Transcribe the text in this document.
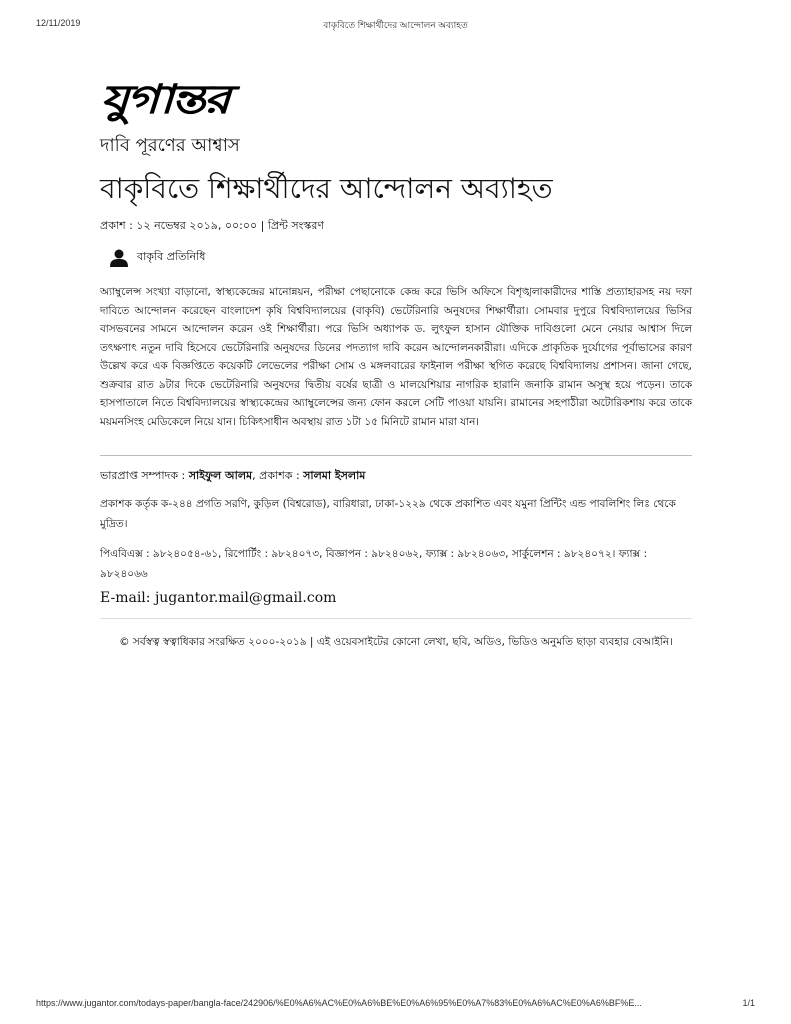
12/11/2019	বাকৃবিতে শিক্ষার্থীদের আন্দোলন অব্যাহত
যুগান্তর
দাবি পূরণের আশ্বাস
বাকৃবিতে শিক্ষার্থীদের আন্দোলন অব্যাহত
প্রকাশ : ১২ নভেম্বর ২০১৯, ০০:০০ | প্রিন্ট সংস্করণ
বাকৃবি প্রতিনিধি
অ্যাম্বুলেন্স সংখ্যা বাড়ানো, স্বাস্থ্যকেন্দ্রের মানোন্নয়ন, পরীক্ষা পেছানোকে কেন্দ্র করে ভিসি অফিসে বিশৃঙ্খলাকারীদের শাস্তি প্রত্যাহারসহ নয় দফা দাবিতে আন্দোলন করেছেন বাংলাদেশ কৃষি বিশ্ববিদ্যালয়ের (বাকৃবি) ভেটেরিনারি অনুষদের শিক্ষার্থীরা। সোমবার দুপুরে বিশ্ববিদ্যালয়ের ভিসির বাসভবনের সামনে আন্দোলন করেন ওই শিক্ষার্থীরা। পরে ভিসি অধ্যাপক ড. লুৎফুল হাসান যৌক্তিক দাবিগুলো মেনে নেয়ার আশ্বাস দিলে তৎক্ষণাৎ নতুন দাবি হিসেবে ভেটেরিনারি অনুষদের ডিনের পদত্যাগ দাবি করেন আন্দোলনকারীরা। এদিকে প্রাকৃতিক দুর্যোগের পূর্বাভাসের কারণ উল্লেখ করে এক বিজ্ঞপ্তিতে কয়েকটি লেভেলের পরীক্ষা সোম ও মঙ্গলবারের ফাইনাল পরীক্ষা স্থগিত করেছে বিশ্ববিদ্যালয় প্রশাসন। জানা গেছে, শুক্রবার রাত ৯টার দিকে ভেটেরিনারি অনুষদের দ্বিতীয় বর্ষের ছাত্রী ও মালয়েশিয়ার নাগরিক হারানি জনাকি রামান অসুস্থ হয়ে পড়েন। তাকে হাসপাতালে নিতে বিশ্ববিদ্যালয়ের স্বাস্থ্যকেন্দ্রের অ্যাম্বুলেন্সের জন্য ফোন করলে সেটি পাওয়া যায়নি। রামানের সহপাঠীরা অটোরিকশায় করে তাকে ময়মনসিংহ মেডিকেলে নিয়ে যান। চিকিৎসাধীন অবস্থায় রাত ১টা ১৫ মিনিটে রামান মারা যান।
ভারপ্রাপ্ত সম্পাদক : সাইফুল আলম, প্রকাশক : সালমা ইসলাম
প্রকাশক কর্তৃক ক-২৪৪ প্রগতি সরণি, কুড়িল (বিশ্বরোড), বারিধারা, ঢাকা-১২২৯ থেকে প্রকাশিত এবং যমুনা প্রিন্টিং এন্ড পাবলিশিং লিঃ থেকে মুদ্রিত।
পিএবিএক্স : ৯৮২৪০৫৪-৬১, রিপোর্টিং : ৯৮২৪০৭৩, বিজ্ঞাপন : ৯৮২৪০৬২, ফ্যাক্স : ৯৮২৪০৬৩, সার্কুলেশন : ৯৮২৪০৭২। ফ্যাক্স : ৯৮২৪০৬৬
E-mail: jugantor.mail@gmail.com
© সর্বস্বত্ব স্বত্বাধিকার সংরক্ষিত ২০০০-২০১৯ | এই ওয়েবসাইটের কোনো লেখা, ছবি, অডিও, ভিডিও অনুমতি ছাড়া ব্যবহার বেআইনি।
https://www.jugantor.com/todays-paper/bangla-face/242906/%E0%A6%AC%E0%A6%BE%E0%A6%95%E0%A7%83%E0%A6%AC%E0%A6%BF%E...	1/1
